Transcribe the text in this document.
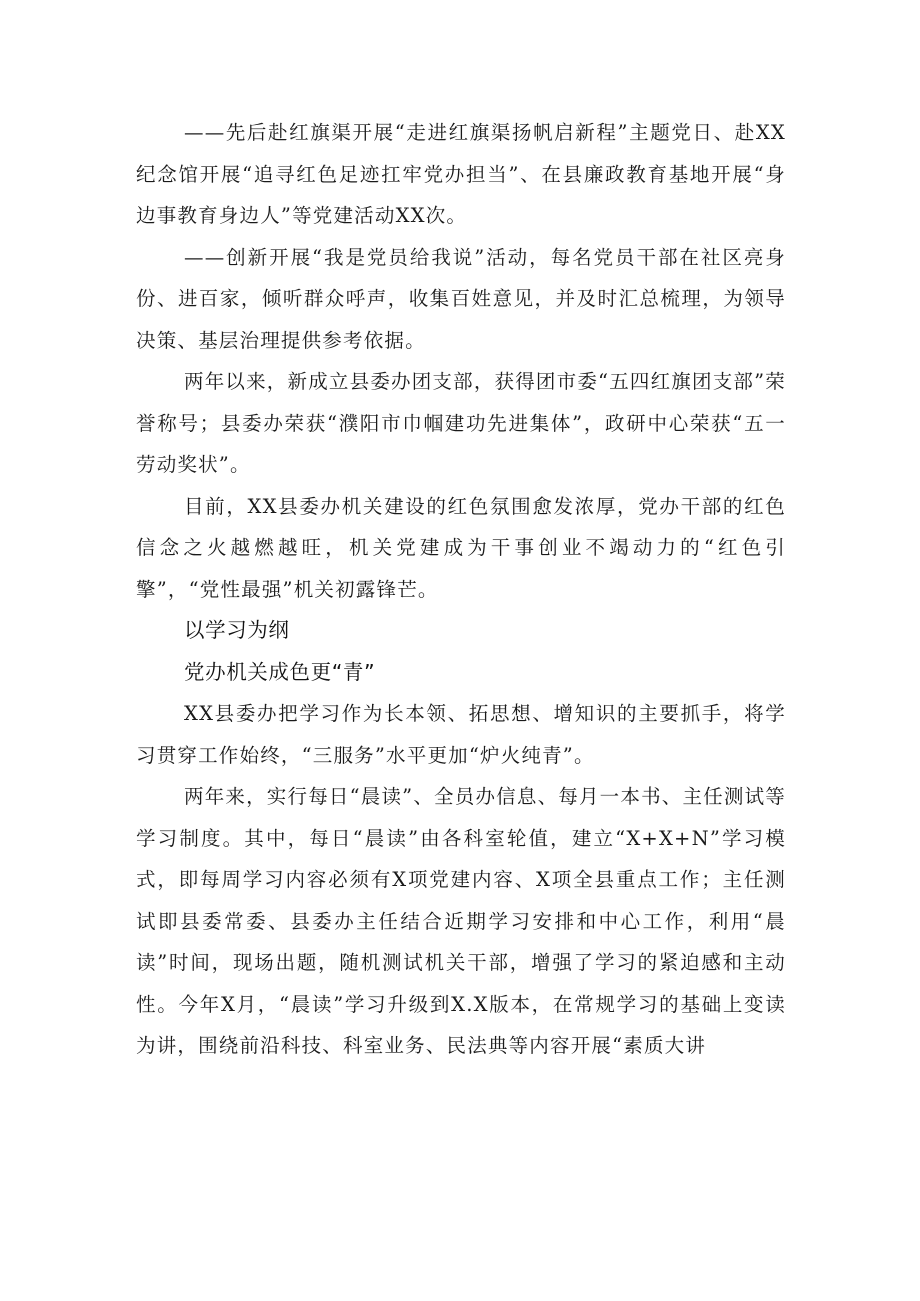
——先后赴红旗渠开展“走进红旗渠扬帆启新程”主题党日、赴XX纪念馆开展“追寻红色足迹扛牢党办担当”、在县廉政教育基地开展“身边事教育身边人”等党建活动XX次。

——创新开展“我是党员给我说”活动，每名党员干部在社区亮身份、进百家，倾听群众呼声，收集百姓意见，并及时汇总梳理，为领导决策、基层治理提供参考依据。

两年以来，新成立县委办团支部，获得团市委“五四红旗团支部”荣誉称号；县委办荣获“濮阳市巾帼建功先进集体”，政研中心荣获“五一劳动奖状”。

目前，XX县委办机关建设的红色氛围愈发浓厚，党办干部的红色信念之火越燃越旺，机关党建成为干事创业不竭动力的“红色引擎”，“党性最强”机关初露锋芒。

以学习为纲

党办机关成色更“青”

XX县委办把学习作为长本领、拓思想、增知识的主要抓手，将学习贯穿工作始终，“三服务”水平更加“炉火纯青”。

两年来，实行每日“晨读”、全员办信息、每月一本书、主任测试等学习制度。其中，每日“晨读”由各科室轮值，建立“X+X+N”学习模式，即每周学习内容必须有X项党建内容、X项全县重点工作；主任测试即县委常委、县委办主任结合近期学习安排和中心工作，利用“晨读”时间，现场出题，随机测试机关干部，增强了学习的紧迫感和主动性。今年X月，“晨读”学习升级到X.X版本，在常规学习的基础上变读为讲，围绕前沿科技、科室业务、民法典等内容开展“素质大讲
